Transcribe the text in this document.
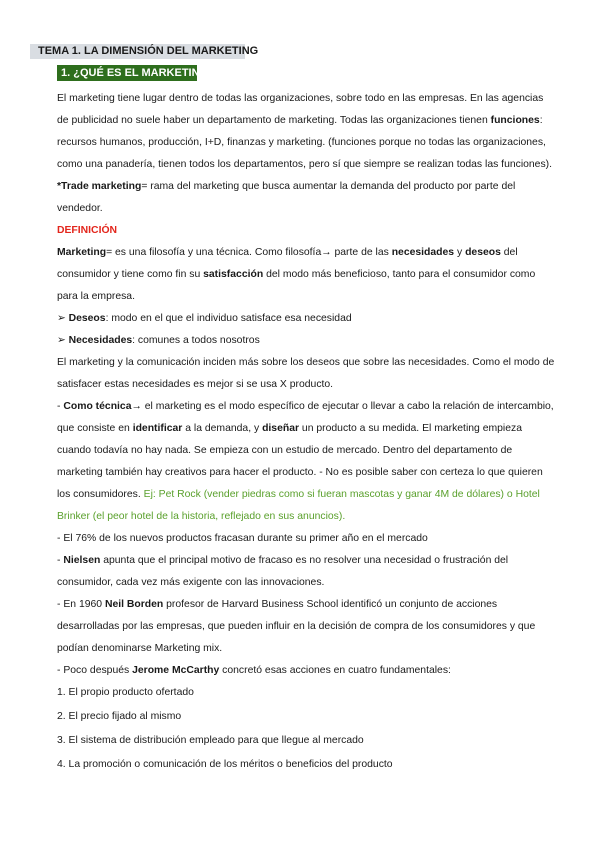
TEMA 1. LA DIMENSIÓN DEL MARKETING
1. ¿QUÉ ES EL MARKETING?

El marketing tiene lugar dentro de todas las organizaciones, sobre todo en las empresas. En las agencias de publicidad no suele haber un departamento de marketing. Todas las organizaciones tienen funciones: recursos humanos, producción, I+D, finanzas y marketing. (funciones porque no todas las organizaciones, como una panadería, tienen todos los departamentos, pero sí que siempre se realizan todas las funciones).

*Trade marketing= rama del marketing que busca aumentar la demanda del producto por parte del vendedor.

DEFINICIÓN

Marketing= es una filosofía y una técnica. Como filosofía→ parte de las necesidades y deseos del consumidor y tiene como fin su satisfacción del modo más beneficioso, tanto para el consumidor como para la empresa.

➢ Deseos: modo en el que el individuo satisface esa necesidad

➢ Necesidades: comunes a todos nosotros

El marketing y la comunicación inciden más sobre los deseos que sobre las necesidades. Como el modo de satisfacer estas necesidades es mejor si se usa X producto.

- Como técnica→ el marketing es el modo específico de ejecutar o llevar a cabo la relación de intercambio, que consiste en identificar a la demanda, y diseñar un producto a su medida. El marketing empieza cuando todavía no hay nada. Se empieza con un estudio de mercado. Dentro del departamento de marketing también hay creativos para hacer el producto. - No es posible saber con certeza lo que quieren los consumidores. Ej: Pet Rock (vender piedras como si fueran mascotas y ganar 4M de dólares) o Hotel Brinker (el peor hotel de la historia, reflejado en sus anuncios).

- El 76% de los nuevos productos fracasan durante su primer año en el mercado

- Nielsen apunta que el principal motivo de fracaso es no resolver una necesidad o frustración del consumidor, cada vez más exigente con las innovaciones.

- En 1960 Neil Borden profesor de Harvard Business School identificó un conjunto de acciones desarrolladas por las empresas, que pueden influir en la decisión de compra de los consumidores y que podían denominarse Marketing mix.

- Poco después Jerome McCarthy concretó esas acciones en cuatro fundamentales:

1. El propio producto ofertado
2. El precio fijado al mismo
3. El sistema de distribución empleado para que llegue al mercado
4. La promoción o comunicación de los méritos o beneficios del producto
